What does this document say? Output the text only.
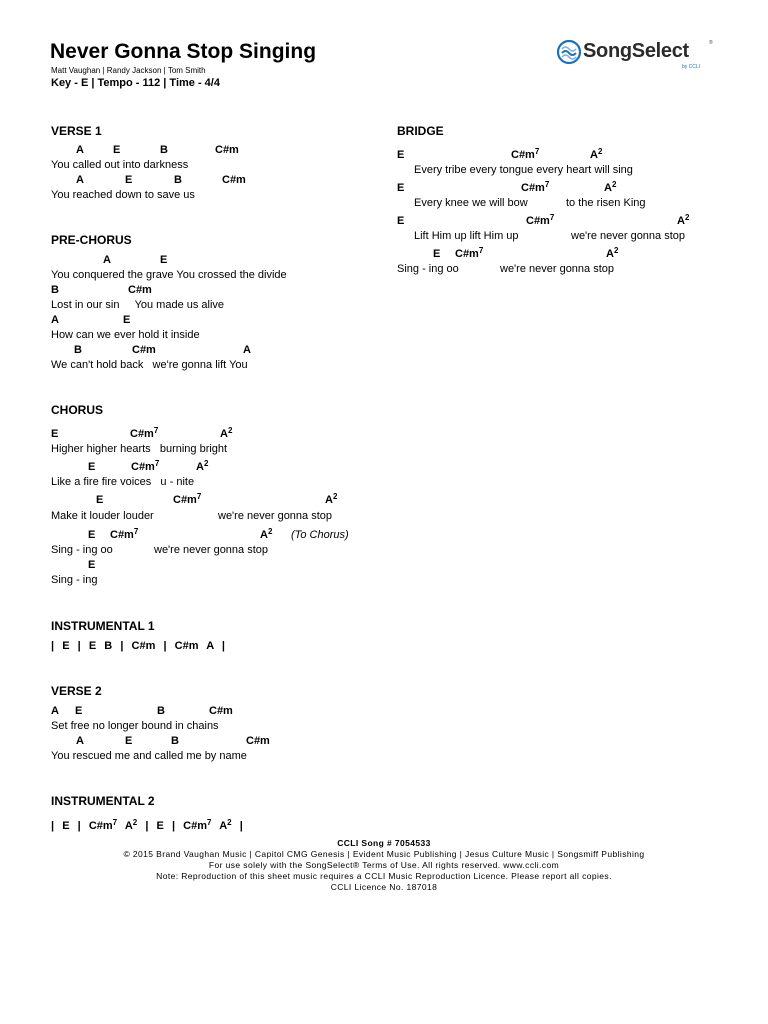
Never Gonna Stop Singing
Matt Vaughan | Randy Jackson | Tom Smith
Key - E | Tempo - 112 | Time - 4/4
SongSelect	®
by CCLI
VERSE 1
A	E	B	C#m
You called out into darkness
A	E	B	C#m
You reached down to save us
PRE-CHORUS
A	E
You conquered the grave You crossed the divide
B	C#m
Lost in our sin     You made us alive
A	E
How can we ever hold it inside
B	C#m	A
We can't hold back   we're gonna lift You
CHORUS
E	$C\#m^7$	$A^2$
Higher higher hearts   burning bright
E	$C\#m^7$	$A^2$
Like a fire fire voices   u - nite
E	$C\#m^7$	$A^2$
Make it louder louder	we're never gonna stop
E $C\#m^7$	$A^2$ (To Chorus)
Sing - ing oo	we're never gonna stop
E
Sing - ing
INSTRUMENTAL 1
|  E  |  E  B  |  C#m  |  C#m  A  |
VERSE 2
A E	B	C#m
Set free no longer bound in chains
A	E	B	C#m
You rescued me and called me by name
INSTRUMENTAL 2
|  E  |  $C\#m^7$  $A^2$  |  E  |  $C\#m^7$  $A^2$  |
BRIDGE
E	$C\#m^7$	$A^2$
Every tribe every tongue every heart will sing
E	$C\#m^7$	$A^2$
Every knee we will bow	to the risen King
E	$C\#m^7$	$A^2$
Lift Him up lift Him up	we're never gonna stop
E $C\#m^7$	$A^2$
Sing - ing oo	we're never gonna stop
CCLI Song # 7054533
© 2015 Brand Vaughan Music | Capitol CMG Genesis | Evident Music Publishing | Jesus Culture Music | Songsmiff Publishing
For use solely with the SongSelect® Terms of Use. All rights reserved. www.ccli.com
Note: Reproduction of this sheet music requires a CCLI Music Reproduction Licence. Please report all copies.
CCLI Licence No. 187018
